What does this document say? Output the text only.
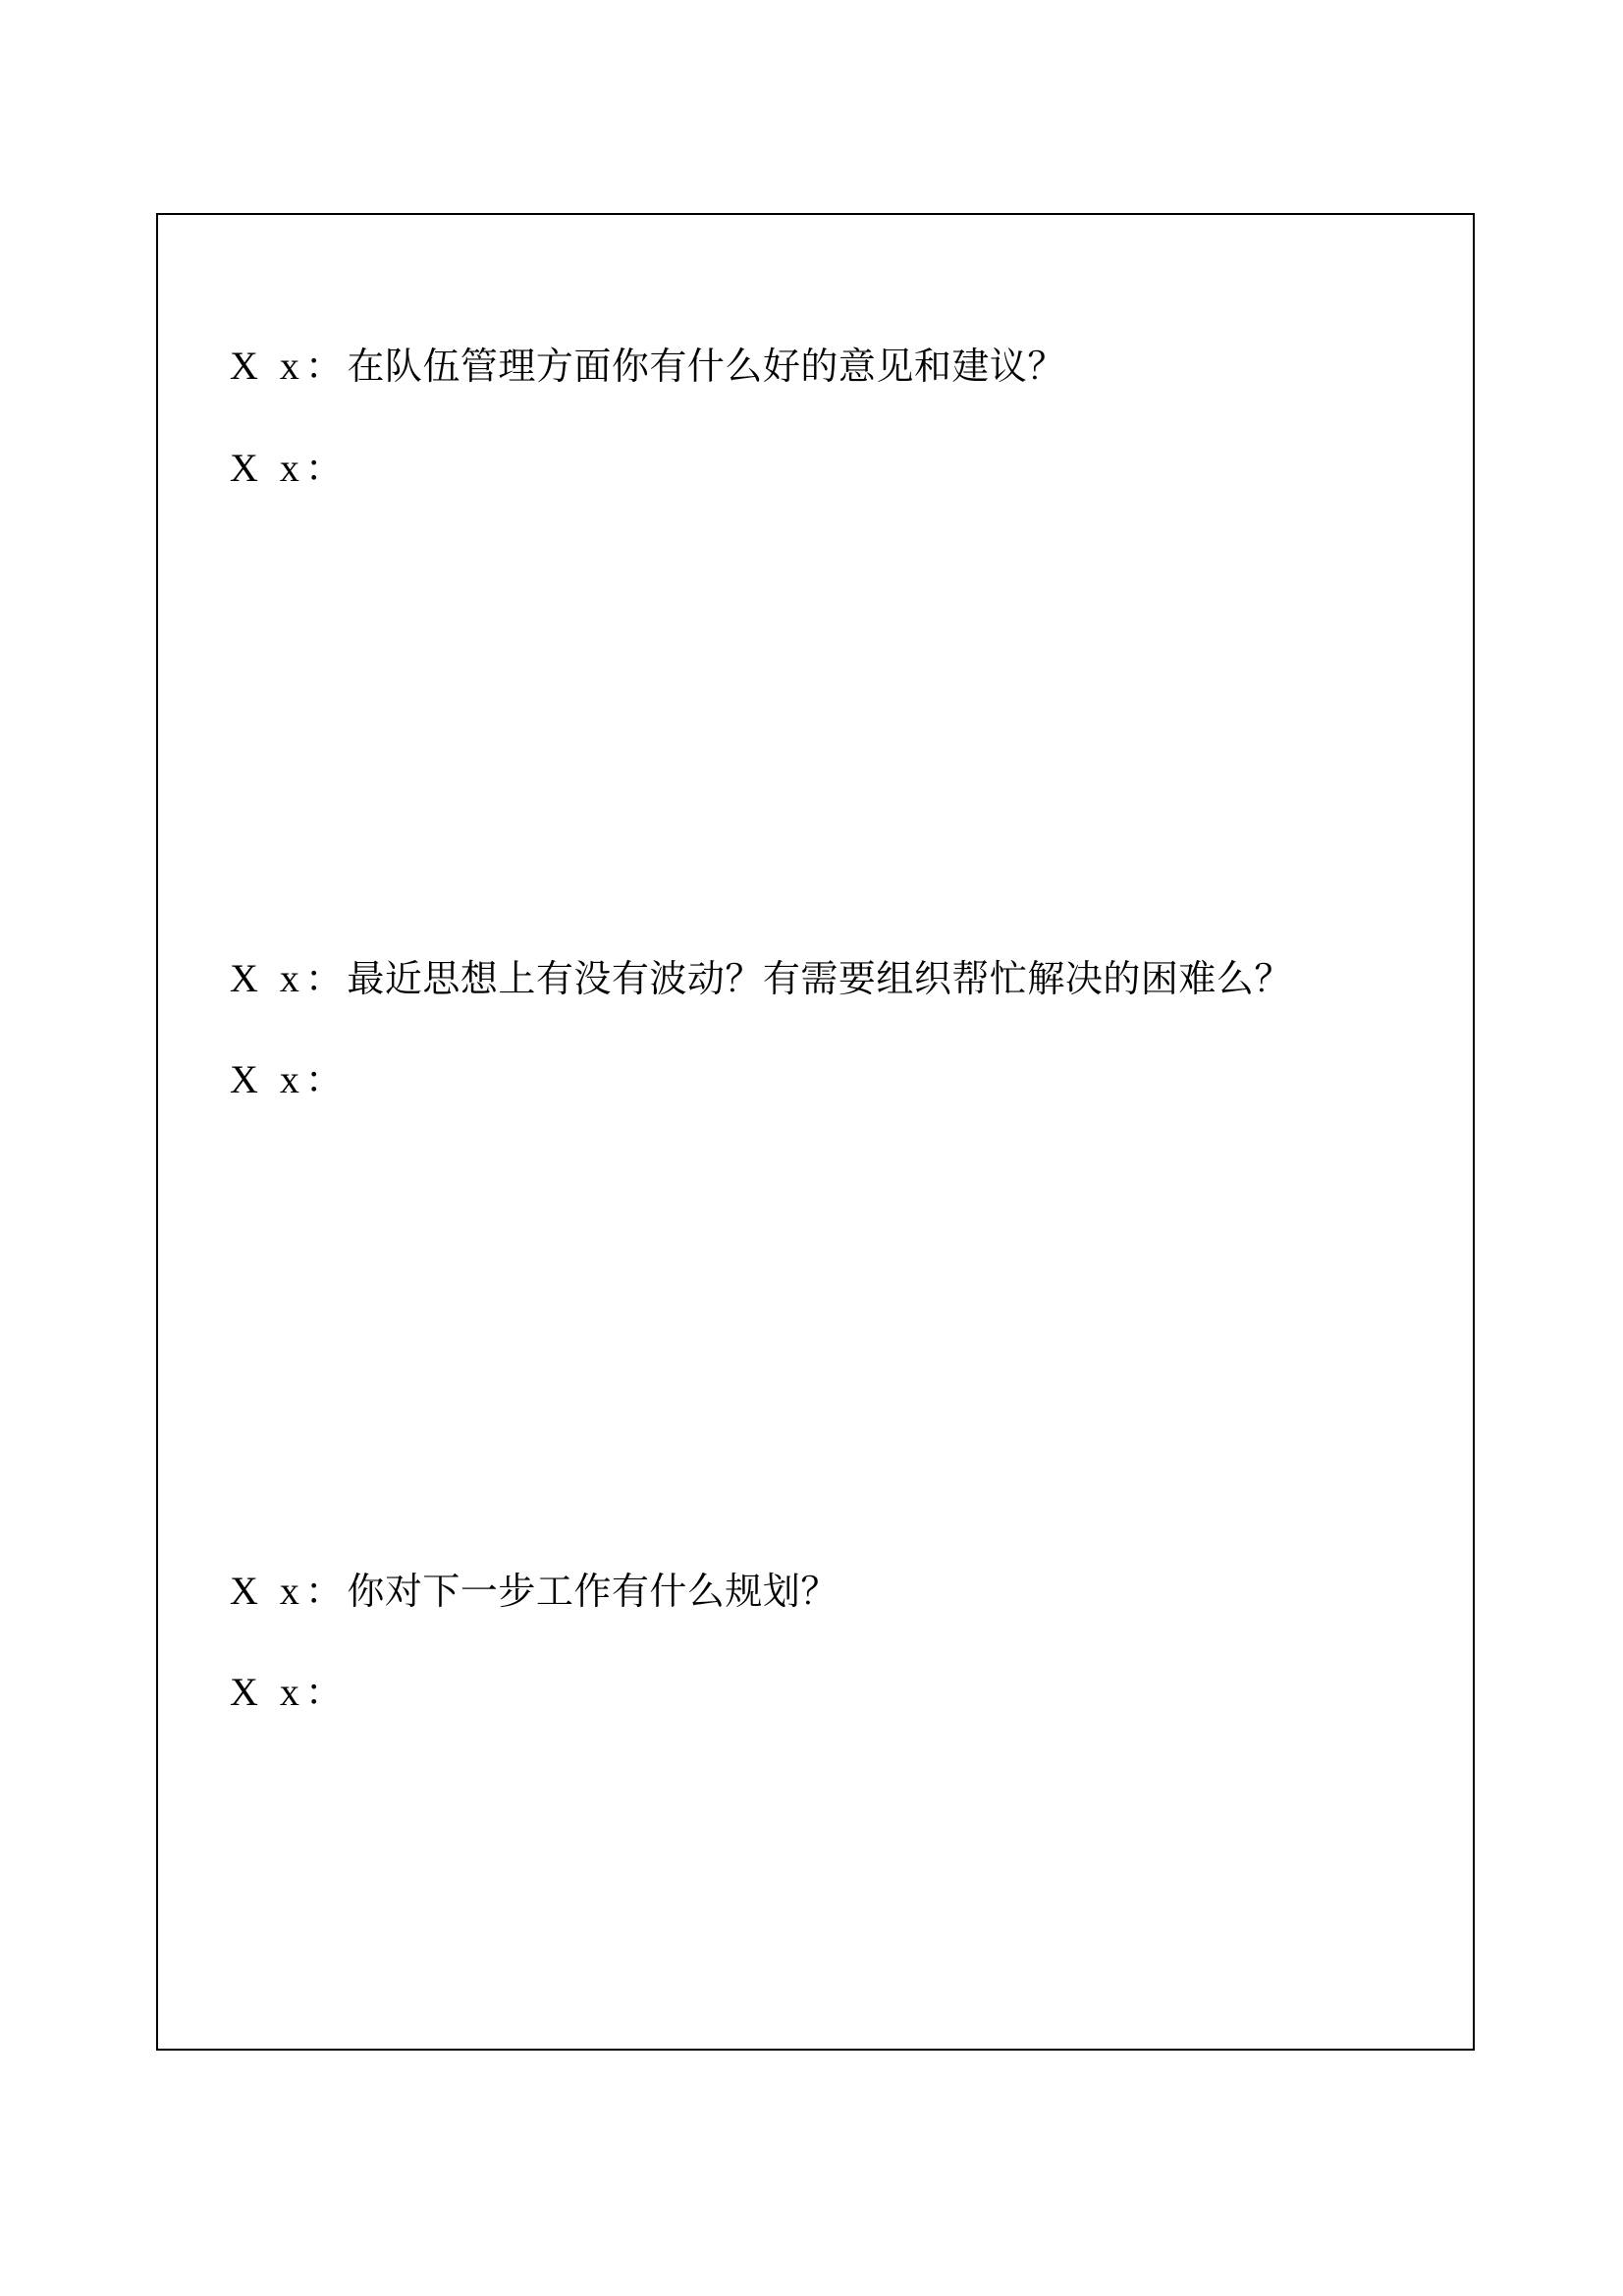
X x： 在队伍管理方面你有什么好的意见和建议？
X x：
X x： 最近思想上有没有波动？有需要组织帮忙解决的困难么？
X x：
X x： 你对下一步工作有什么规划？
X x：
